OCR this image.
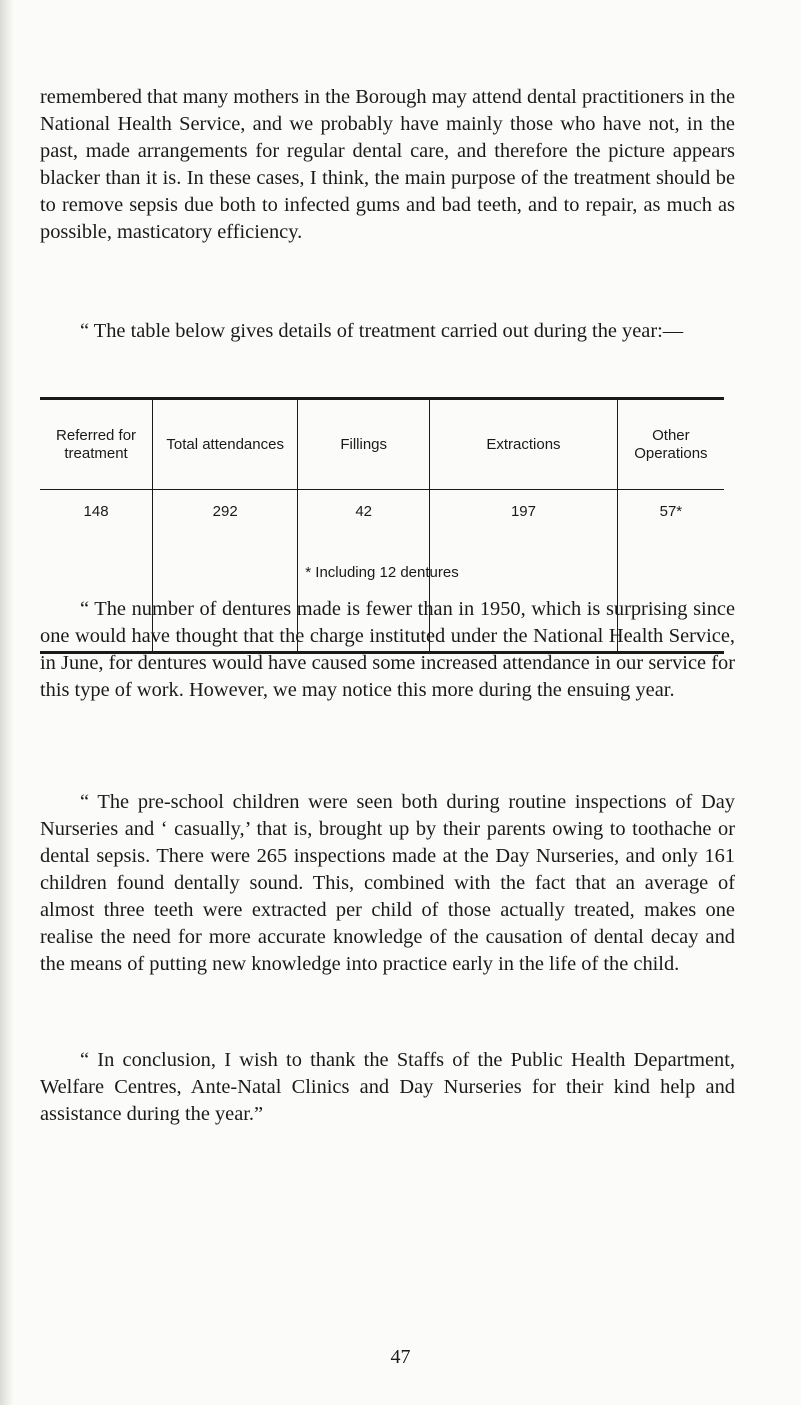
remembered that many mothers in the Borough may attend dental practitioners in the National Health Service, and we probably have mainly those who have not, in the past, made arrangements for regular dental care, and therefore the picture appears blacker than it is. In these cases, I think, the main purpose of the treatment should be to remove sepsis due both to infected gums and bad teeth, and to repair, as much as possible, masticatory efficiency.

“ The table below gives details of treatment carried out during the year:—

Referred for treatment	Total attendances	Fillings	Extractions	Other Operations
148	292	42	197	57*
* Including 12 dentures

“ The number of dentures made is fewer than in 1950, which is surprising since one would have thought that the charge instituted under the National Health Service, in June, for dentures would have caused some increased attendance in our service for this type of work. However, we may notice this more during the ensuing year.

“ The pre-school children were seen both during routine inspections of Day Nurseries and ‘ casually,’ that is, brought up by their parents owing to toothache or dental sepsis. There were 265 inspections made at the Day Nurseries, and only 161 children found dentally sound. This, combined with the fact that an average of almost three teeth were extracted per child of those actually treated, makes one realise the need for more accurate knowledge of the causation of dental decay and the means of putting new knowledge into practice early in the life of the child.

“ In conclusion, I wish to thank the Staffs of the Public Health Department, Welfare Centres, Ante-Natal Clinics and Day Nurseries for their kind help and assistance during the year.”

47
